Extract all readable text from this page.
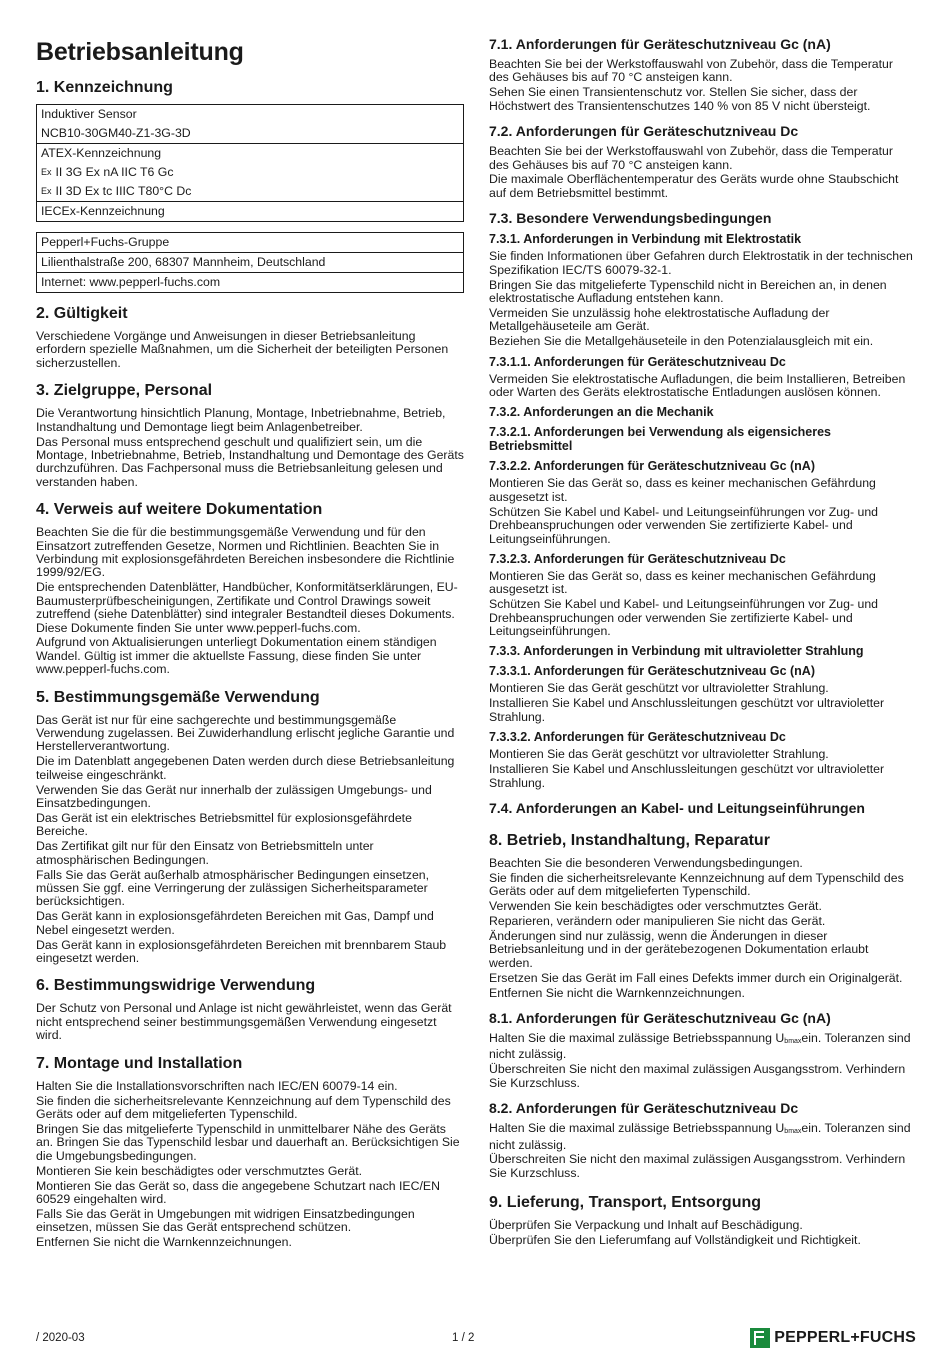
Betriebsanleitung
1. Kennzeichnung
Induktiver Sensor
NCB10-30GM40-Z1-3G-3D
ATEX-Kennzeichnung
Ex II 3G Ex nA IIC T6 Gc
Ex II 3D Ex tc IIIC T80°C Dc
IECEx-Kennzeichnung
Pepperl+Fuchs-Gruppe
Lilienthalstraße 200, 68307 Mannheim, Deutschland
Internet: www.pepperl-fuchs.com
2. Gültigkeit

Verschiedene Vorgänge und Anweisungen in dieser Betriebsanleitung erfordern spezielle Maßnahmen, um die Sicherheit der beteiligten Personen sicherzustellen.

3. Zielgruppe, Personal

Die Verantwortung hinsichtlich Planung, Montage, Inbetriebnahme, Betrieb, Instandhaltung und Demontage liegt beim Anlagenbetreiber.

Das Personal muss entsprechend geschult und qualifiziert sein, um die Montage, Inbetriebnahme, Betrieb, Instandhaltung und Demontage des Geräts durchzuführen. Das Fachpersonal muss die Betriebsanleitung gelesen und verstanden haben.

4. Verweis auf weitere Dokumentation

Beachten Sie die für die bestimmungsgemäße Verwendung und für den Einsatzort zutreffenden Gesetze, Normen und Richtlinien. Beachten Sie in Verbindung mit explosionsgefährdeten Bereichen insbesondere die Richtlinie 1999/92/EG.

Die entsprechenden Datenblätter, Handbücher, Konformitätserklärungen, EU-Baumusterprüfbescheinigungen, Zertifikate und Control Drawings soweit zutreffend (siehe Datenblätter) sind integraler Bestandteil dieses Dokuments. Diese Dokumente finden Sie unter www.pepperl-fuchs.com.

Aufgrund von Aktualisierungen unterliegt Dokumentation einem ständigen Wandel. Gültig ist immer die aktuellste Fassung, diese finden Sie unter www.pepperl-fuchs.com.

5. Bestimmungsgemäße Verwendung

Das Gerät ist nur für eine sachgerechte und bestimmungsgemäße Verwendung zugelassen. Bei Zuwiderhandlung erlischt jegliche Garantie und Herstellerverantwortung.

Die im Datenblatt angegebenen Daten werden durch diese Betriebsanleitung teilweise eingeschränkt.

Verwenden Sie das Gerät nur innerhalb der zulässigen Umgebungs- und Einsatzbedingungen.

Das Gerät ist ein elektrisches Betriebsmittel für explosionsgefährdete Bereiche.

Das Zertifikat gilt nur für den Einsatz von Betriebsmitteln unter atmosphärischen Bedingungen.

Falls Sie das Gerät außerhalb atmosphärischer Bedingungen einsetzen, müssen Sie ggf. eine Verringerung der zulässigen Sicherheitsparameter berücksichtigen.

Das Gerät kann in explosionsgefährdeten Bereichen mit Gas, Dampf und Nebel eingesetzt werden.

Das Gerät kann in explosionsgefährdeten Bereichen mit brennbarem Staub eingesetzt werden.

6. Bestimmungswidrige Verwendung

Der Schutz von Personal und Anlage ist nicht gewährleistet, wenn das Gerät nicht entsprechend seiner bestimmungsgemäßen Verwendung eingesetzt wird.

7. Montage und Installation

Halten Sie die Installationsvorschriften nach IEC/EN 60079-14 ein.

Sie finden die sicherheitsrelevante Kennzeichnung auf dem Typenschild des Geräts oder auf dem mitgelieferten Typenschild.

Bringen Sie das mitgelieferte Typenschild in unmittelbarer Nähe des Geräts an. Bringen Sie das Typenschild lesbar und dauerhaft an. Berücksichtigen Sie die Umgebungsbedingungen.

Montieren Sie kein beschädigtes oder verschmutztes Gerät.

Montieren Sie das Gerät so, dass die angegebene Schutzart nach IEC/EN 60529 eingehalten wird.

Falls Sie das Gerät in Umgebungen mit widrigen Einsatzbedingungen einsetzen, müssen Sie das Gerät entsprechend schützen.

Entfernen Sie nicht die Warnkennzeichnungen.

7.1. Anforderungen für Geräteschutzniveau Gc (nA)

Beachten Sie bei der Werkstoffauswahl von Zubehör, dass die Temperatur des Gehäuses bis auf 70 °C ansteigen kann.

Sehen Sie einen Transientenschutz vor. Stellen Sie sicher, dass der Höchstwert des Transientenschutzes 140 % von 85 V nicht übersteigt.

7.2. Anforderungen für Geräteschutzniveau Dc

Beachten Sie bei der Werkstoffauswahl von Zubehör, dass die Temperatur des Gehäuses bis auf 70 °C ansteigen kann.

Die maximale Oberflächentemperatur des Geräts wurde ohne Staubschicht auf dem Betriebsmittel bestimmt.

7.3. Besondere Verwendungsbedingungen
7.3.1. Anforderungen in Verbindung mit Elektrostatik

Sie finden Informationen über Gefahren durch Elektrostatik in der technischen Spezifikation IEC/TS 60079-32-1.

Bringen Sie das mitgelieferte Typenschild nicht in Bereichen an, in denen elektrostatische Aufladung entstehen kann.

Vermeiden Sie unzulässig hohe elektrostatische Aufladung der Metallgehäuseteile am Gerät.

Beziehen Sie die Metallgehäuseteile in den Potenzialausgleich mit ein.

7.3.1.1. Anforderungen für Geräteschutzniveau Dc

Vermeiden Sie elektrostatische Aufladungen, die beim Installieren, Betreiben oder Warten des Geräts elektrostatische Entladungen auslösen können.

7.3.2. Anforderungen an die Mechanik
7.3.2.1. Anforderungen bei Verwendung als eigensicheres Betriebsmittel
7.3.2.2. Anforderungen für Geräteschutzniveau Gc (nA)

Montieren Sie das Gerät so, dass es keiner mechanischen Gefährdung ausgesetzt ist.

Schützen Sie Kabel und Kabel- und Leitungseinführungen vor Zug- und Drehbeanspruchungen oder verwenden Sie zertifizierte Kabel- und Leitungseinführungen.

7.3.2.3. Anforderungen für Geräteschutzniveau Dc

Montieren Sie das Gerät so, dass es keiner mechanischen Gefährdung ausgesetzt ist.

Schützen Sie Kabel und Kabel- und Leitungseinführungen vor Zug- und Drehbeanspruchungen oder verwenden Sie zertifizierte Kabel- und Leitungseinführungen.

7.3.3. Anforderungen in Verbindung mit ultravioletter Strahlung
7.3.3.1. Anforderungen für Geräteschutzniveau Gc (nA)

Montieren Sie das Gerät geschützt vor ultravioletter Strahlung.

Installieren Sie Kabel und Anschlussleitungen geschützt vor ultravioletter Strahlung.

7.3.3.2. Anforderungen für Geräteschutzniveau Dc

Montieren Sie das Gerät geschützt vor ultravioletter Strahlung.

Installieren Sie Kabel und Anschlussleitungen geschützt vor ultravioletter Strahlung.

7.4. Anforderungen an Kabel- und Leitungseinführungen
8. Betrieb, Instandhaltung, Reparatur

Beachten Sie die besonderen Verwendungsbedingungen.

Sie finden die sicherheitsrelevante Kennzeichnung auf dem Typenschild des Geräts oder auf dem mitgelieferten Typenschild.

Verwenden Sie kein beschädigtes oder verschmutztes Gerät.

Reparieren, verändern oder manipulieren Sie nicht das Gerät.

Änderungen sind nur zulässig, wenn die Änderungen in dieser Betriebsanleitung und in der gerätebezogenen Dokumentation erlaubt werden.

Ersetzen Sie das Gerät im Fall eines Defekts immer durch ein Originalgerät.

Entfernen Sie nicht die Warnkennzeichnungen.

8.1. Anforderungen für Geräteschutzniveau Gc (nA)

Halten Sie die maximal zulässige Betriebsspannung Ubmaxein. Toleranzen sind nicht zulässig.

Überschreiten Sie nicht den maximal zulässigen Ausgangsstrom. Verhindern Sie Kurzschluss.

8.2. Anforderungen für Geräteschutzniveau Dc

Halten Sie die maximal zulässige Betriebsspannung Ubmaxein. Toleranzen sind nicht zulässig.

Überschreiten Sie nicht den maximal zulässigen Ausgangsstrom. Verhindern Sie Kurzschluss.

9. Lieferung, Transport, Entsorgung

Überprüfen Sie Verpackung und Inhalt auf Beschädigung.

Überprüfen Sie den Lieferumfang auf Vollständigkeit und Richtigkeit.

/ 2020-03	1 / 2	PEPPERL+FUCHS
